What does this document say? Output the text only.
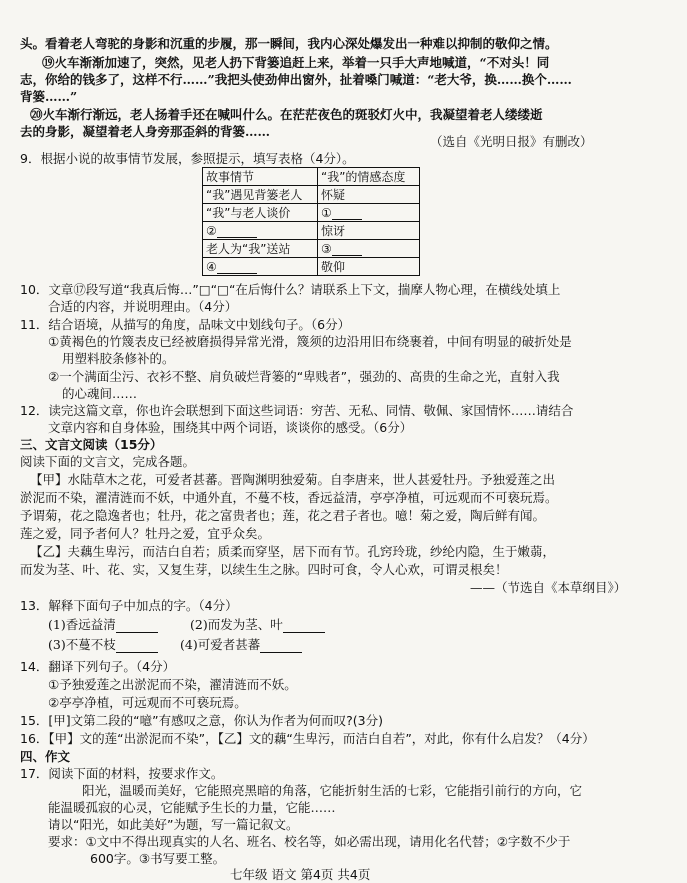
头。看着老人弯驼的身影和沉重的步履，那一瞬间，我内心深处爆发出一种难以抑制的敬仰之情。
⑲火车渐渐加速了，突然，见老人扔下背篓追赶上来，举着一只手大声地喊道，“不对头！同
志，你给的钱多了，这样不行……”我把头使劲伸出窗外，扯着嗓门喊道：“老大爷，换……换个……
背篓……”
⑳火车渐行渐远，老人扬着手还在喊叫什么。在茫茫夜色的斑驳灯火中，我凝望着老人缕缕逝
去的身影，凝望着老人身旁那歪斜的背篓……
（选自《光明日报》有删改）
9．根据小说的故事情节发展，参照提示，填写表格（4分）。
故事情节	“我”的情感态度
“我”遇见背篓老人	怀疑
“我”与老人谈价	①
②	惊讶
老人为“我”送站	③
④	敬仰
10．文章⑰段写道“我真后悔…”□“□“在后悔什么？请联系上下文，揣摩人物心理，在横线处填上
合适的内容，并说明理由。（4分）
11．结合语境，从描写的角度，品味文中划线句子。（6分）
①黄褐色的竹篾表皮已经被磨损得异常光滑，篾须的边沿用旧布绕裹着，中间有明显的破折处是
用塑料胶条修补的。
②一个满面尘污、衣衫不整、肩负破烂背篓的“卑贱者”，强劲的、高贵的生命之光，直射入我
的心魂间……
12．读完这篇文章，你也许会联想到下面这些词语：穷苦、无私、同情、敬佩、家国情怀……请结合
文章内容和自身体验，围绕其中两个词语，谈谈你的感受。（6分）
三、文言文阅读（15分）
阅读下面的文言文，完成各题。
【甲】水陆草木之花，可爱者甚蕃。晋陶渊明独爱菊。自李唐来，世人甚爱牡丹。予独爱莲之出
淤泥而不染，濯清涟而不妖，中通外直，不蔓不枝，香远益清，亭亭净植，可远观而不可亵玩焉。
予谓菊，花之隐逸者也；牡丹，花之富贵者也；莲，花之君子者也。噫！菊之爱，陶后鲜有闻。
莲之爱，同予者何人？牡丹之爱，宜乎众矣。
【乙】夫藕生卑污，而洁白自若；质柔而穿坚，居下而有节。孔窍玲珑，纱纶内隐，生于嫩蒻，
而发为茎、叶、花、实，又复生芽，以续生生之脉。四时可食，令人心欢，可谓灵根矣！
——（节选自《本草纲目》）
13．解释下面句子中加点的字。（4分）
(1)香远益清	(2)而发为茎、叶
(3)不蔓不枝	(4)可爱者甚蕃
14．翻译下列句子。（4分）
①予独爱莲之出淤泥而不染，濯清涟而不妖。
②亭亭净植，可远观而不可亵玩焉。
15．[甲]文第二段的“噫”有感叹之意，你认为作者为何而叹?(3分)
16．【甲】文的莲“出淤泥而不染”，【乙】文的藕“生卑污，而洁白自若”，对此，你有什么启发？（4分）
四、作文
17．阅读下面的材料，按要求作文。
阳光，温暖而美好，它能照亮黑暗的角落，它能折射生活的七彩，它能指引前行的方向，它
能温暖孤寂的心灵，它能赋予生长的力量，它能……
请以“阳光，如此美好”为题，写一篇记叙文。
要求：①文中不得出现真实的人名、班名、校名等，如必需出现，请用化名代替；②字数不少于
600字。③书写要工整。
七年级 语文 第4页 共4页
